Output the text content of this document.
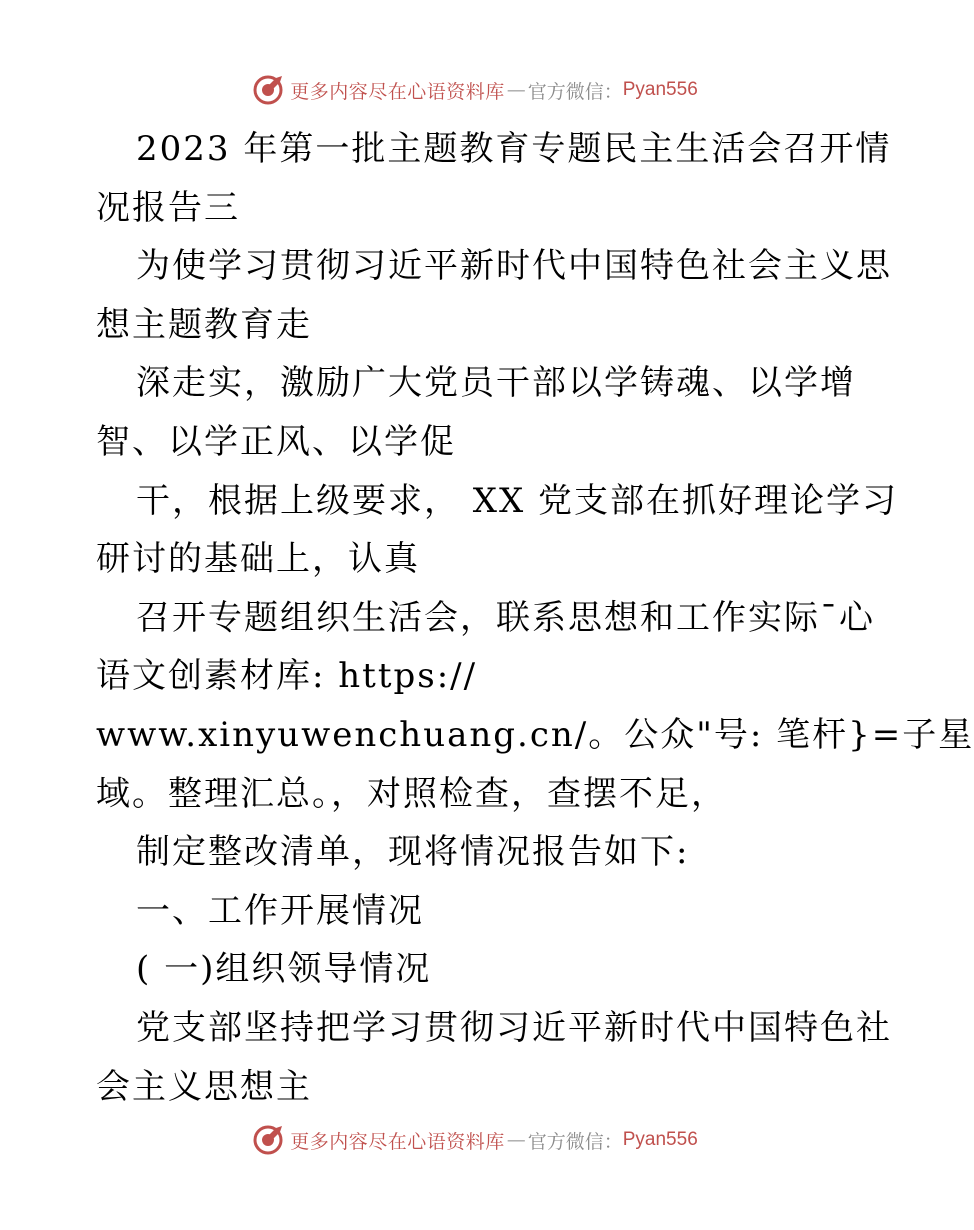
更多内容尽在心语资料库 — 官方微信： Pyan556
2023 年第一批主题教育专题民主生活会召开情
况报告三
为使学习贯彻习近平新时代中国特色社会主义思
想主题教育走
深走实，激励广大党员干部以学铸魂、以学增
智、以学正风、以学促
干，根据上级要求， XX 党支部在抓好理论学习
研讨的基础上，认真
召开专题组织生活会，联系思想和工作实际¯心
语文创素材库: https://
www.xinyuwenchuang.cn/。公众"号: 笔杆}=子星
域。整理汇总。，对照检查，查摆不足，
制定整改清单，现将情况报告如下:
一、工作开展情况
( 一)组织领导情况
党支部坚持把学习贯彻习近平新时代中国特色社
会主义思想主
更多内容尽在心语资料库 — 官方微信： Pyan556
